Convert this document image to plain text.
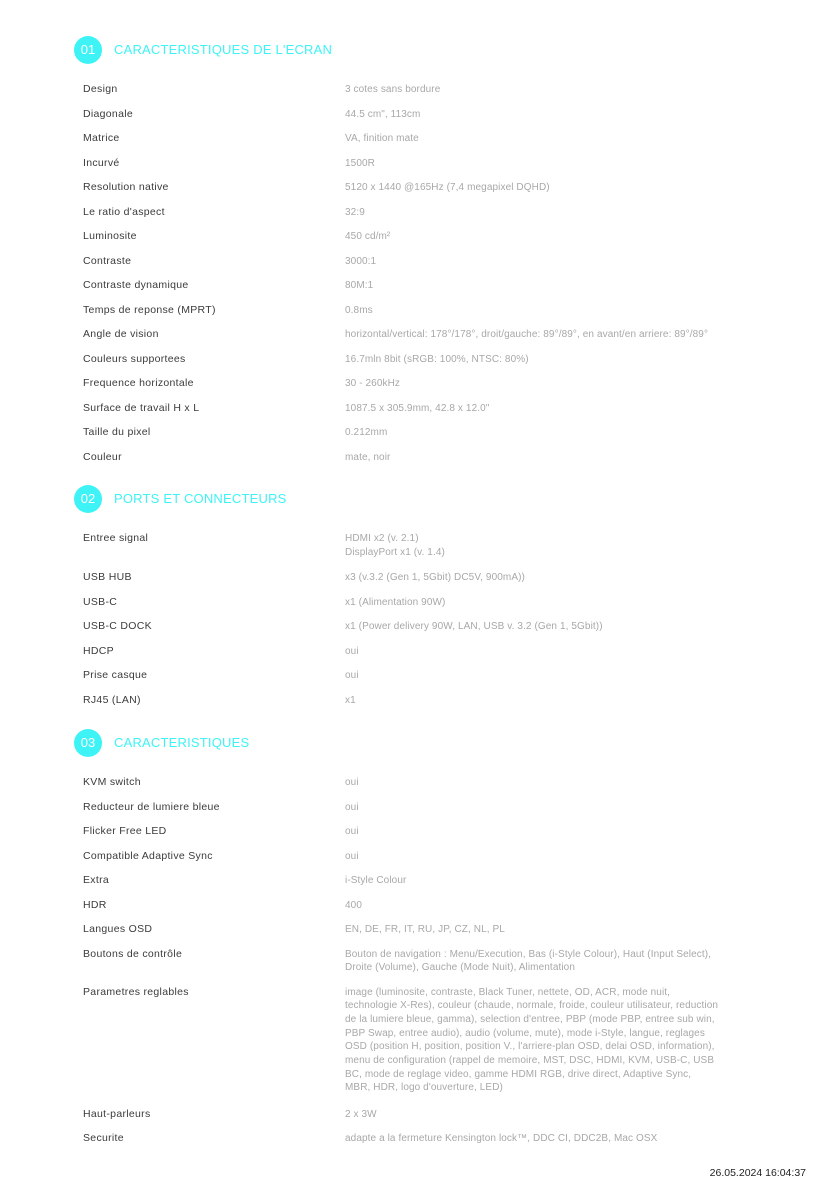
01	CARACTERISTIQUES DE L'ECRAN
Design	3 cotes sans bordure
Diagonale	44.5 cm", 113cm
Matrice	VA, finition mate
Incurvé	1500R
Resolution native	5120 x 1440 @165Hz (7,4 megapixel DQHD)
Le ratio d'aspect	32:9
Luminosite	450 cd/m²
Contraste	3000:1
Contraste dynamique	80M:1
Temps de reponse (MPRT)	0.8ms
Angle de vision	horizontal/vertical: 178°/178°, droit/gauche: 89°/89°, en avant/en arriere: 89°/89°
Couleurs supportees	16.7mln 8bit (sRGB: 100%, NTSC: 80%)
Frequence horizontale	30 - 260kHz
Surface de travail H x L	1087.5 x 305.9mm, 42.8 x 12.0"
Taille du pixel	0.212mm
Couleur	mate, noir
02	PORTS ET CONNECTEURS
Entree signal	HDMI x2 (v. 2.1)
DisplayPort x1 (v. 1.4)
USB HUB	x3 (v.3.2 (Gen 1, 5Gbit) DC5V, 900mA))
USB-C	x1 (Alimentation 90W)
USB-C DOCK	x1 (Power delivery 90W, LAN, USB v. 3.2 (Gen 1, 5Gbit))
HDCP	oui
Prise casque	oui
RJ45 (LAN)	x1
03	CARACTERISTIQUES
KVM switch	oui
Reducteur de lumiere bleue	oui
Flicker Free LED	oui
Compatible Adaptive Sync	oui
Extra	i-Style Colour
HDR	400
Langues OSD	EN, DE, FR, IT, RU, JP, CZ, NL, PL
Boutons de contrôle	Bouton de navigation : Menu/Execution, Bas (i-Style Colour), Haut (Input Select),
Droite (Volume), Gauche (Mode Nuit), Alimentation
Parametres reglables	image (luminosite, contraste, Black Tuner, nettete, OD, ACR, mode nuit,
technologie X-Res), couleur (chaude, normale, froide, couleur utilisateur, reduction
de la lumiere bleue, gamma), selection d'entree, PBP (mode PBP, entree sub win,
PBP Swap, entree audio), audio (volume, mute), mode i-Style, langue, reglages
OSD (position H, position, position V., l'arriere-plan OSD, delai OSD, information),
menu de configuration (rappel de memoire, MST, DSC, HDMI, KVM, USB-C, USB
BC, mode de reglage video, gamme HDMI RGB, drive direct, Adaptive Sync,
MBR, HDR, logo d'ouverture, LED)
Haut-parleurs	2 x 3W
Securite	adapte a la fermeture Kensington lock™, DDC CI, DDC2B, Mac OSX
26.05.2024 16:04:37
